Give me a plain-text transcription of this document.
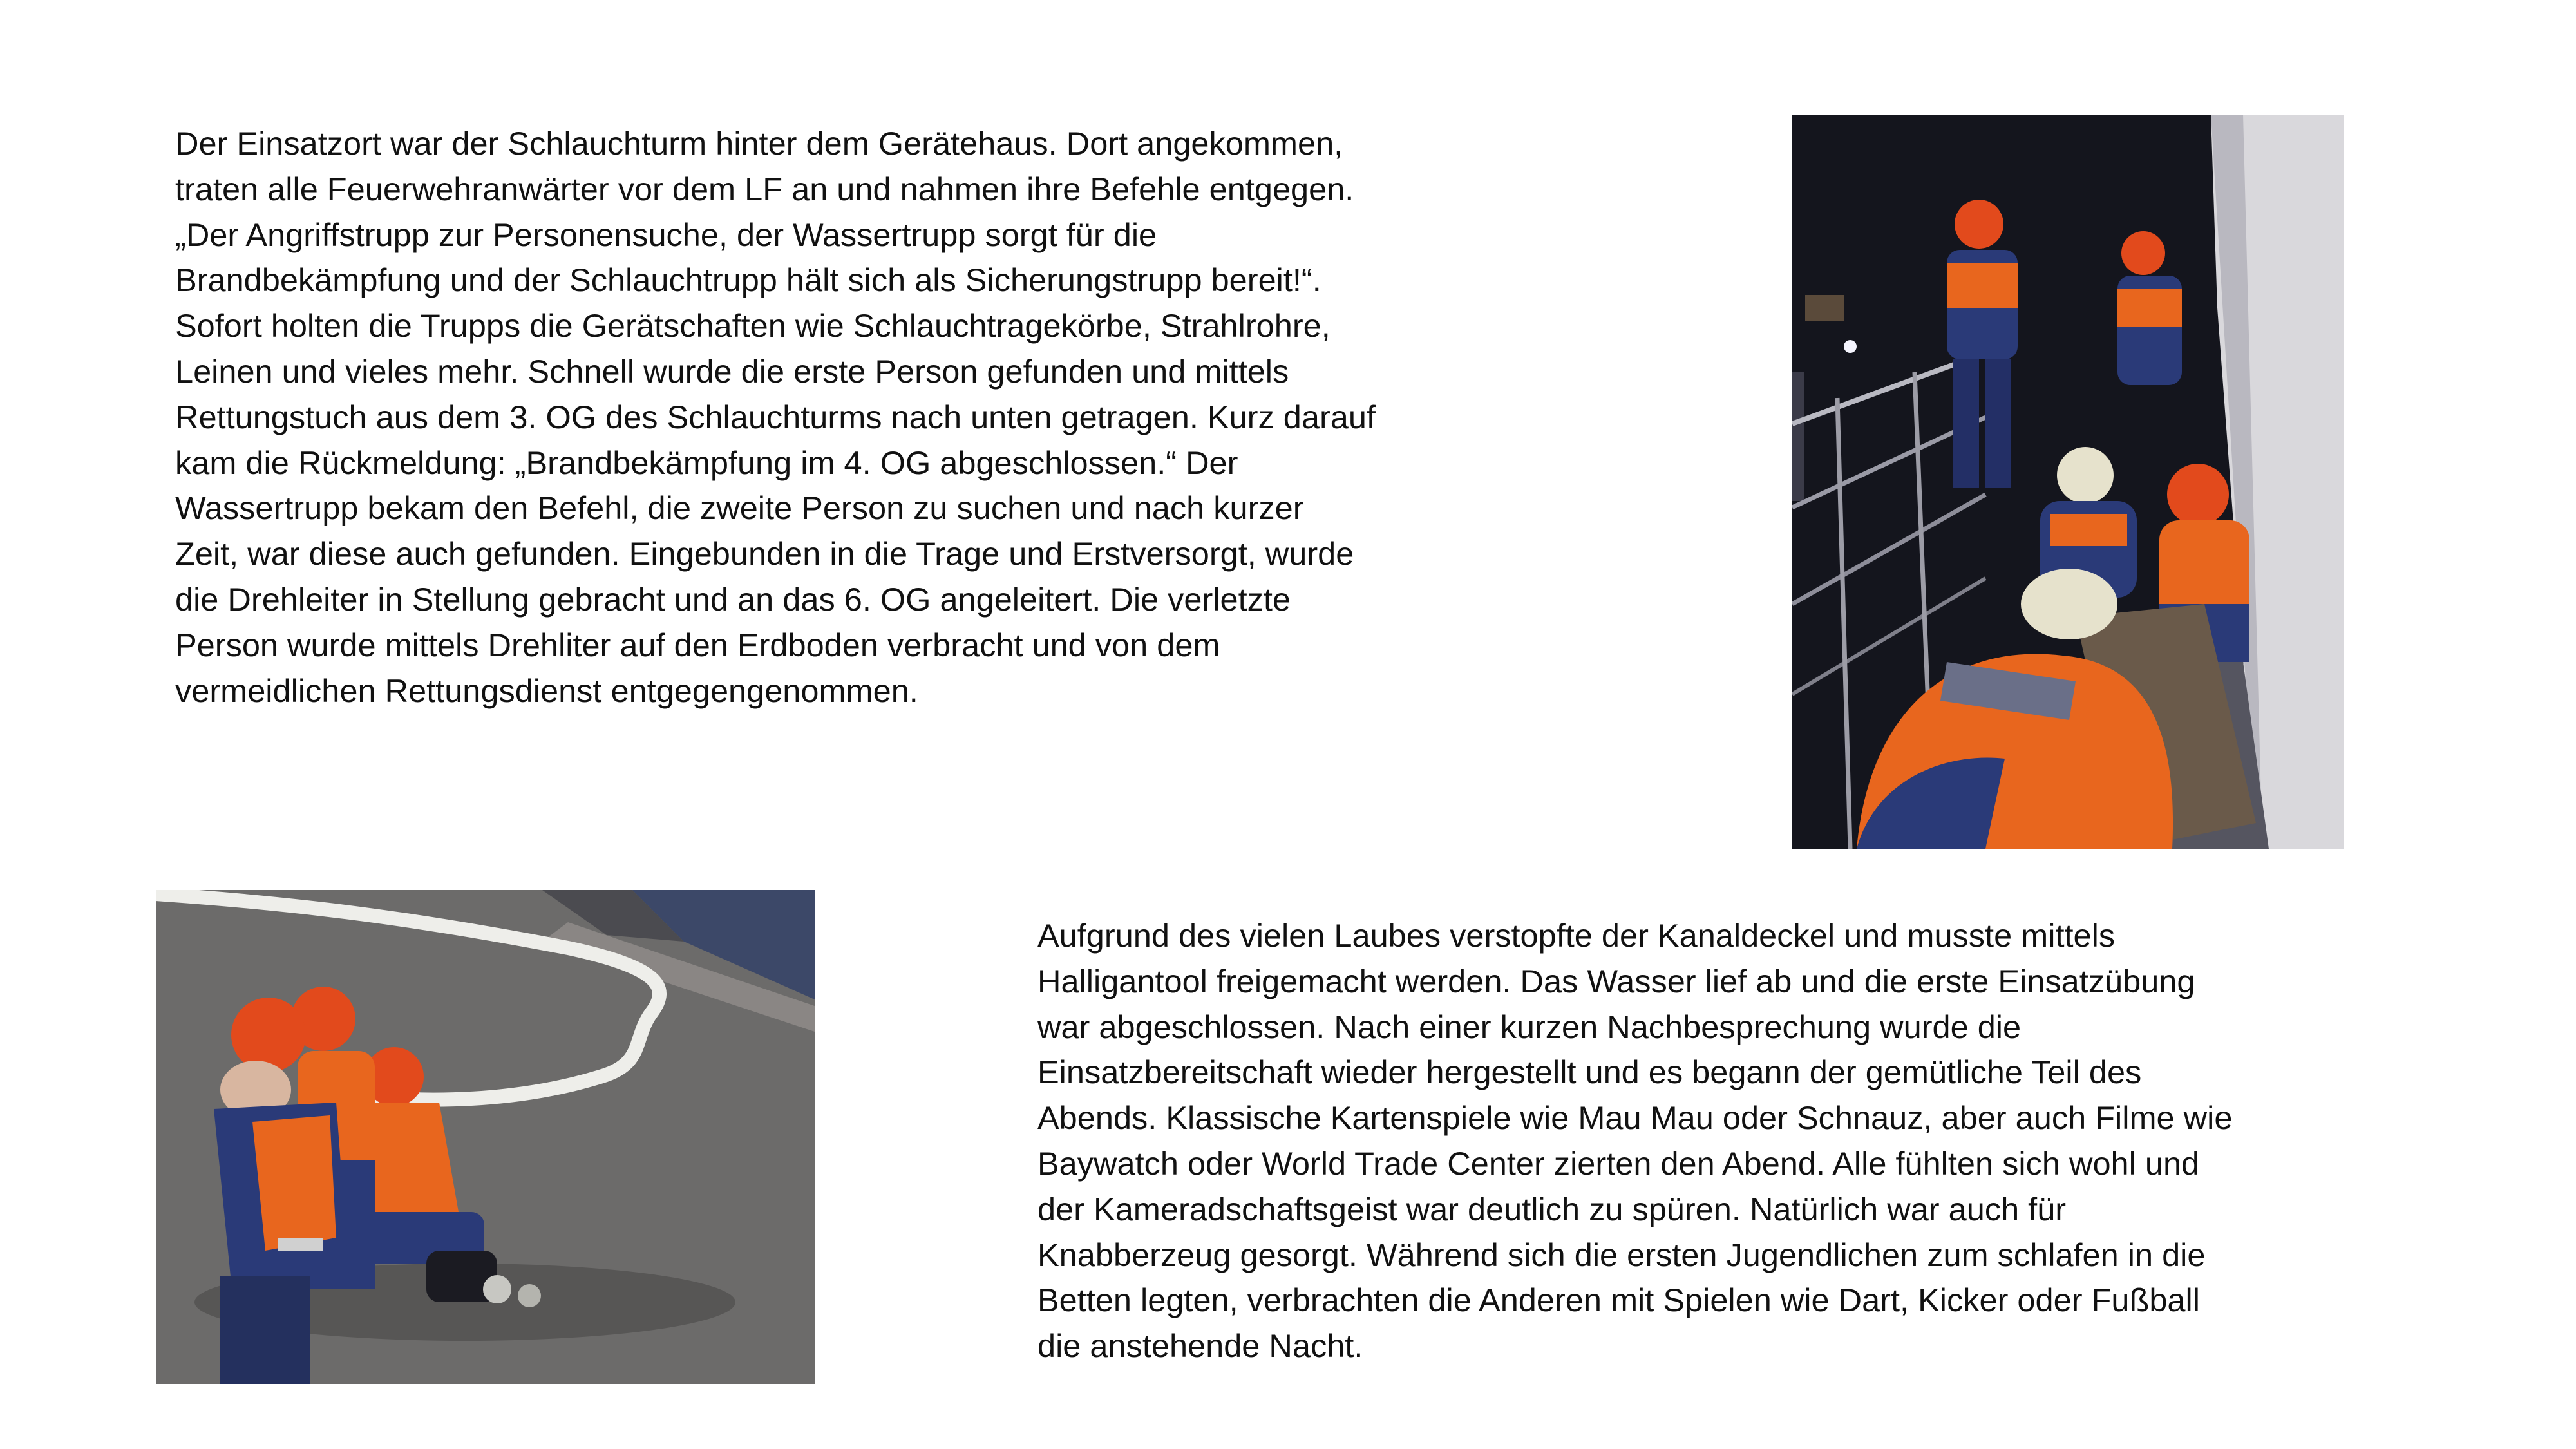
Der Einsatzort war der Schlauchturm hinter dem Gerätehaus. Dort angekommen,
traten alle Feuerwehranwärter vor dem LF an und nahmen ihre Befehle entgegen.
„Der Angriffstrupp zur Personensuche, der Wassertrupp sorgt für die
Brandbekämpfung und der Schlauchtrupp hält sich als Sicherungstrupp bereit!“.
Sofort holten die Trupps die Gerätschaften wie Schlauchtragekörbe, Strahlrohre,
Leinen und vieles mehr. Schnell wurde die erste Person gefunden und mittels
Rettungstuch aus dem 3. OG des Schlauchturms nach unten getragen. Kurz darauf
kam die Rückmeldung: „Brandbekämpfung im 4. OG abgeschlossen.“ Der
Wassertrupp bekam den Befehl, die zweite Person zu suchen und nach kurzer
Zeit, war diese auch gefunden. Eingebunden in die Trage und Erstversorgt, wurde
die Drehleiter in Stellung gebracht und an das 6. OG angeleitert. Die verletzte
Person wurde mittels Drehliter auf den Erdboden verbracht und von dem
vermeidlichen Rettungsdienst entgegengenommen.
Aufgrund des vielen Laubes verstopfte der Kanaldeckel und musste mittels
Halligantool freigemacht werden. Das Wasser lief ab und die erste Einsatzübung
war abgeschlossen. Nach einer kurzen Nachbesprechung wurde die
Einsatzbereitschaft wieder hergestellt und es begann der gemütliche Teil des
Abends. Klassische Kartenspiele wie Mau Mau oder Schnauz, aber auch Filme wie
Baywatch oder World Trade Center zierten den Abend. Alle fühlten sich wohl und
der Kameradschaftsgeist war deutlich zu spüren. Natürlich war auch für
Knabberzeug gesorgt. Während sich die ersten Jugendlichen zum schlafen in die
Betten legten, verbrachten die Anderen mit Spielen wie Dart, Kicker oder Fußball
die anstehende Nacht.
